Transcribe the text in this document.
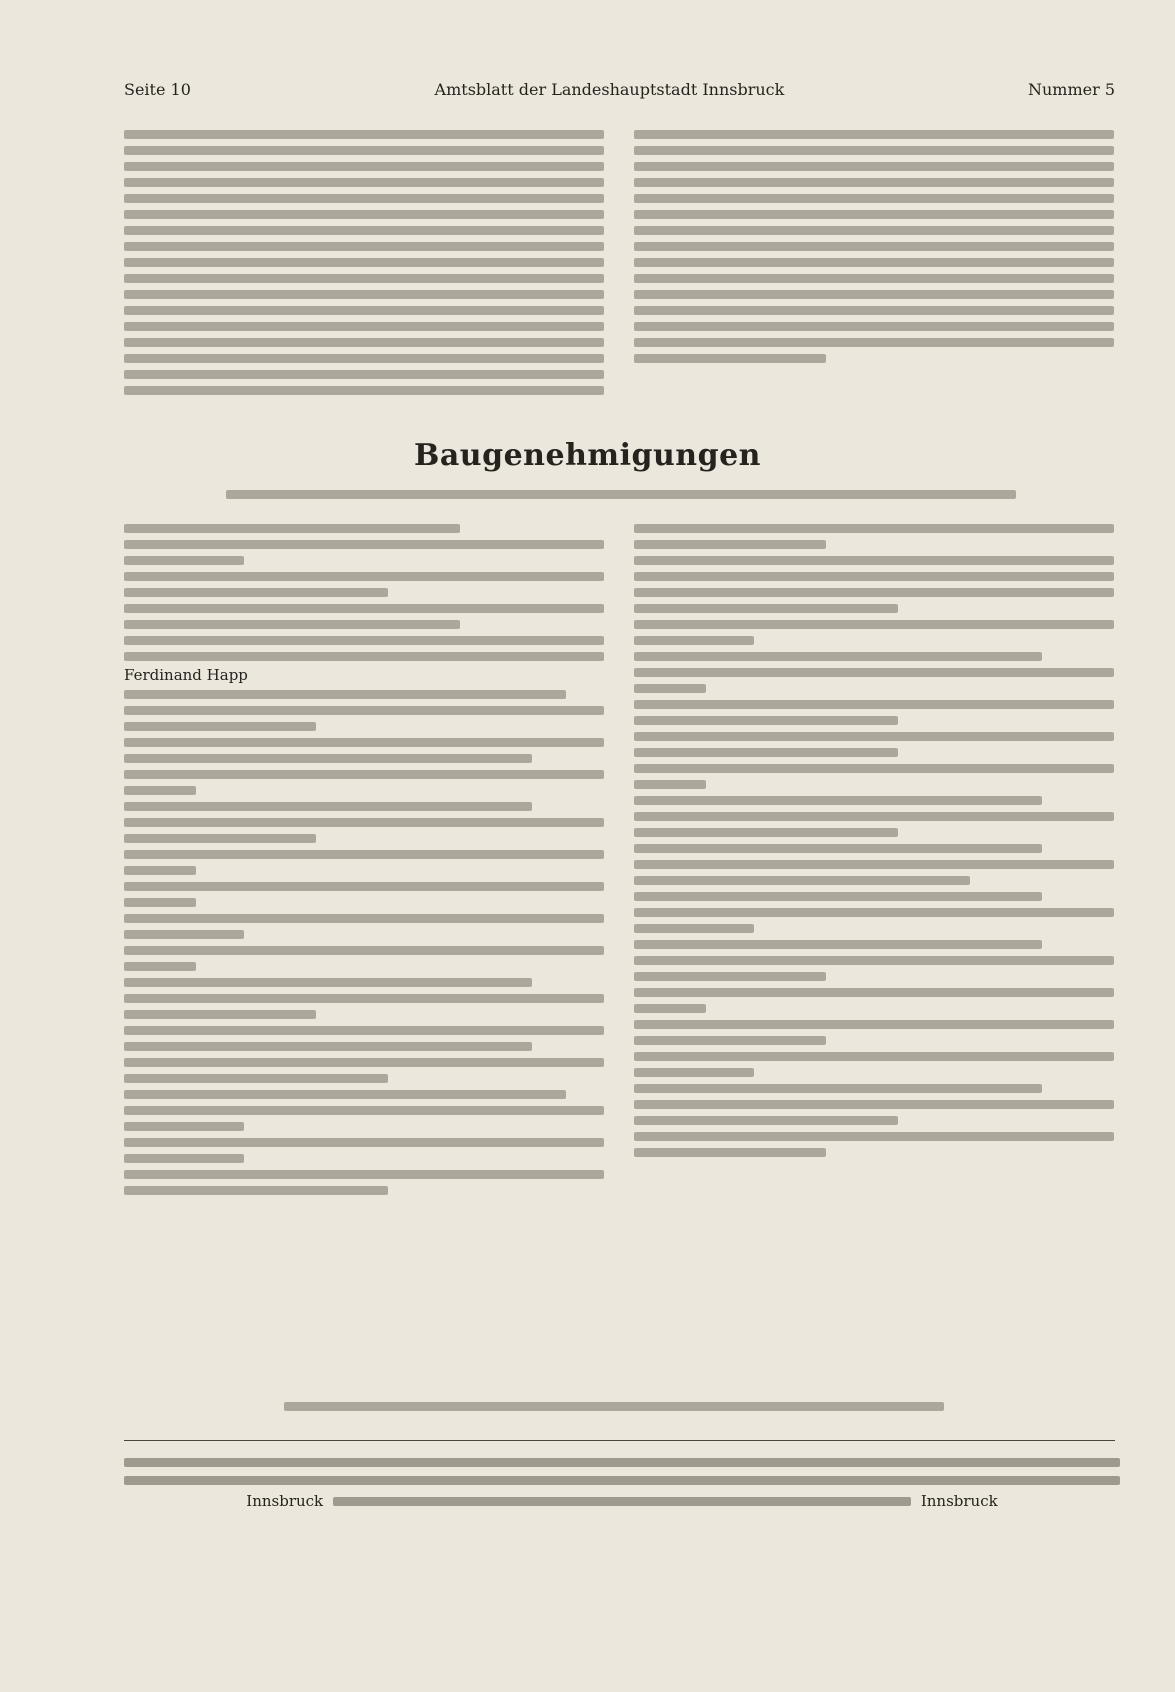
Seite 10	Amtsblatt der Landeshauptstadt Innsbruck	Nummer 5
Baugenehmigungen
Ferdinand Happ
Innsbruck	Innsbruck
